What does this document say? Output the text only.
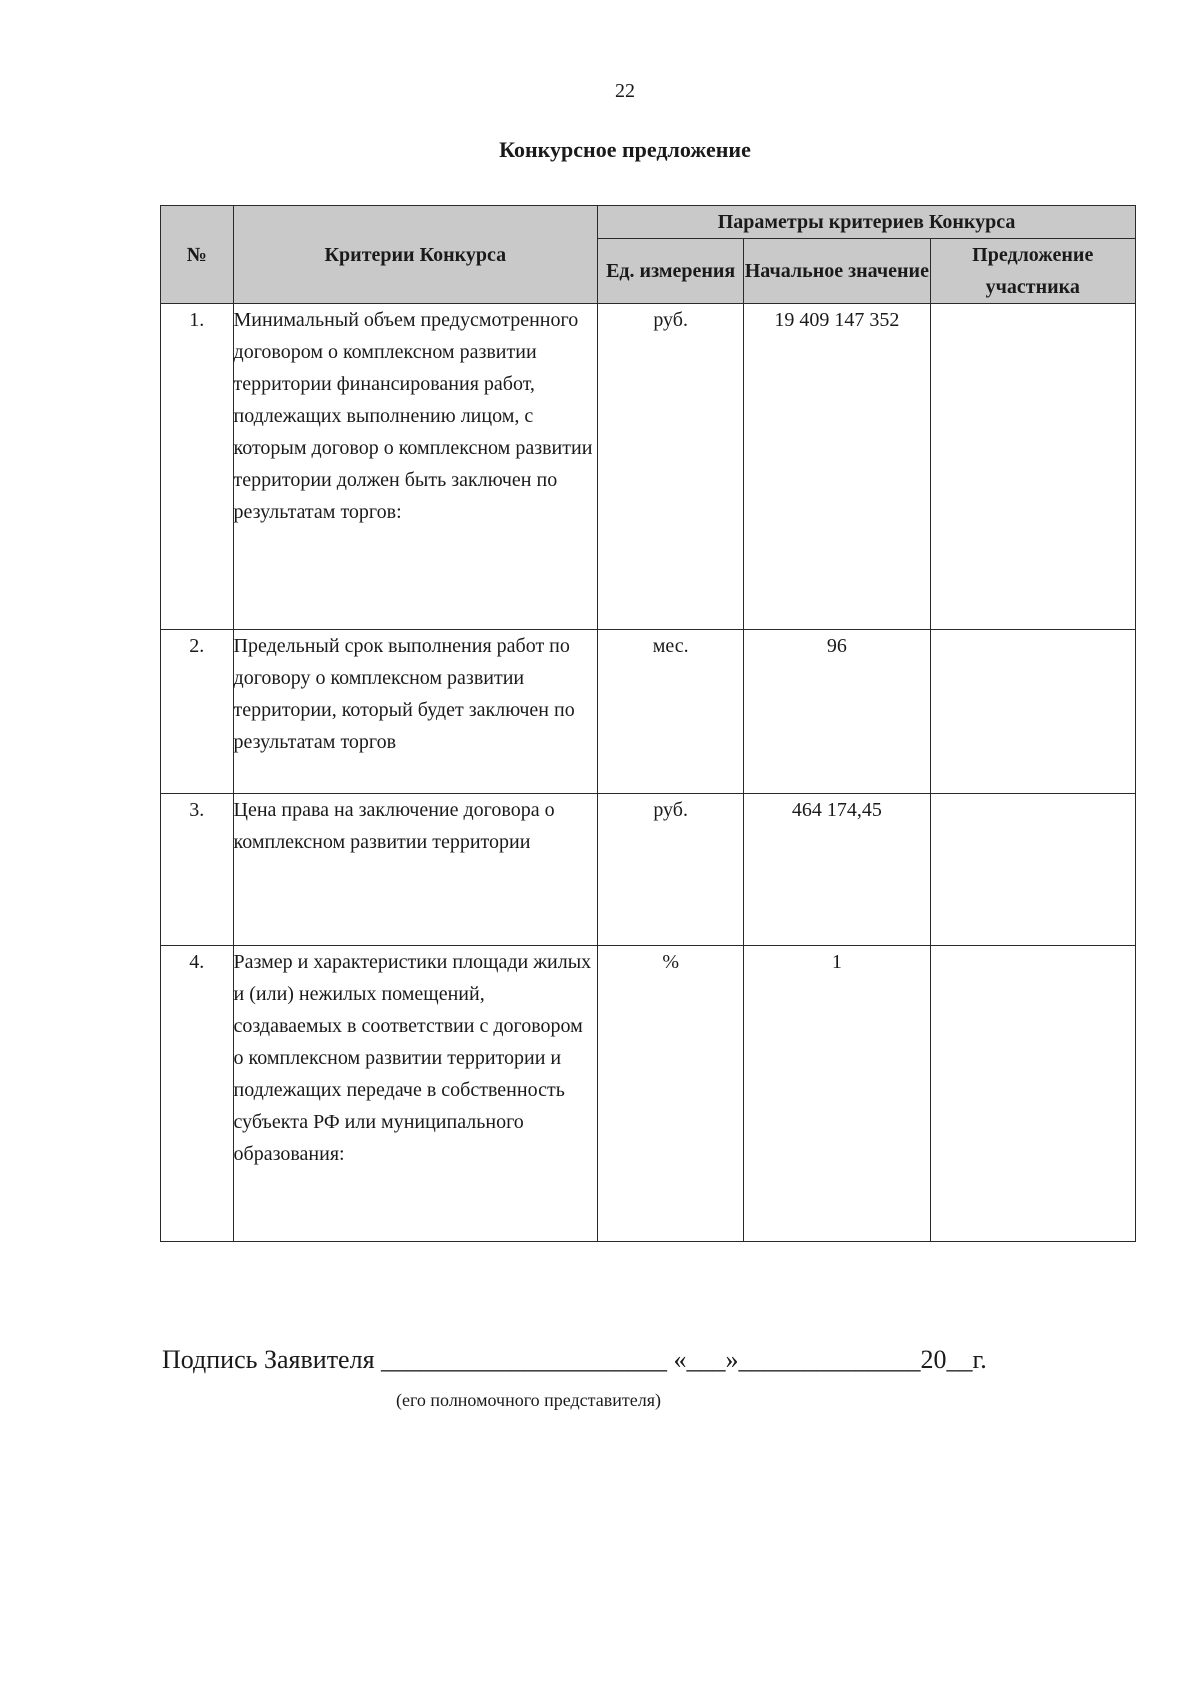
22
Конкурсное предложение
№	Критерии Конкурса	Параметры критериев Конкурса		
		Ед. измерения	Начальное значение	Предложение участника
1.	Минимальный объем предусмотренного договором о комплексном развитии территории финансирования работ, подлежащих выполнению лицом, с которым договор о комплексном развитии территории должен быть заключен по результатам торгов:	руб.	19 409 147 352	
2.	Предельный срок выполнения работ по договору о комплексном развитии территории, который будет заключен по результатам торгов	мес.	96	
3.	Цена права на заключение договора о комплексном развитии территории	руб.	464 174,45	
4.	Размер и характеристики площади жилых и (или) нежилых помещений, создаваемых в соответствии с договором о комплексном развитии территории и подлежащих передаче в собственность субъекта РФ или муниципального образования:	%	1	
Подпись Заявителя ______________________ «___»______________20__г.
(его полномочного представителя)
